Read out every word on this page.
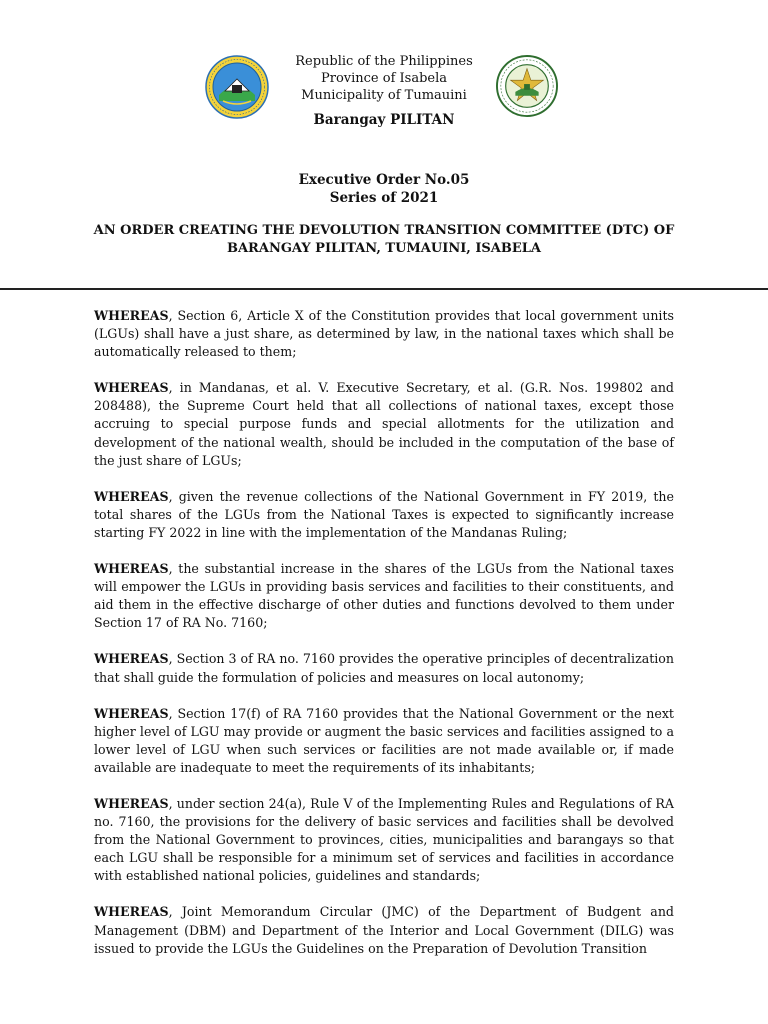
Republic of the Philippines
Province of Isabela
Municipality of Tumauini
Barangay PILITAN
Executive Order No.05
Series of 2021
AN ORDER CREATING THE DEVOLUTION TRANSITION COMMITTEE (DTC) OF
BARANGAY PILITAN, TUMAUINI, ISABELA

WHEREAS, Section 6, Article X of the Constitution provides that local government units (LGUs) shall have a just share, as determined by law, in the national taxes which shall be automatically released to them;

WHEREAS, in Mandanas, et al. V. Executive Secretary, et al. (G.R. Nos. 199802 and 208488), the Supreme Court held that all collections of national taxes, except those accruing to special purpose funds and special allotments for the utilization and development of the national wealth, should be included in the computation of the base of the just share of LGUs;

WHEREAS, given the revenue collections of the National Government in FY 2019, the total shares of the LGUs from the National Taxes is expected to significantly increase starting FY 2022 in line with the implementation of the Mandanas Ruling;

WHEREAS, the substantial increase in the shares of the LGUs from the National taxes will empower the LGUs in providing basis services and facilities to their constituents, and aid them in the effective discharge of other duties and functions devolved to them under Section 17 of RA No. 7160;

WHEREAS, Section 3 of RA no. 7160 provides the operative principles of decentralization that shall guide the formulation of policies and measures on local autonomy;

WHEREAS, Section 17(f) of RA 7160 provides that the National Government or the next higher level of LGU may provide or augment the basic services and facilities assigned to a lower level of LGU when such services or facilities are not made available or, if made available are inadequate to meet the requirements of its inhabitants;

WHEREAS, under section 24(a), Rule V of the Implementing Rules and Regulations of RA no. 7160, the provisions for the delivery of basic services and facilities shall be devolved from the National Government to provinces, cities, municipalities and barangays so that each LGU shall be responsible for a minimum set of services and facilities in accordance with established national policies, guidelines and standards;

WHEREAS, Joint Memorandum Circular (JMC) of the Department of Budgent and Management (DBM) and Department of the Interior and Local Government (DILG) was issued to provide the LGUs the Guidelines on the Preparation of Devolution Transition
